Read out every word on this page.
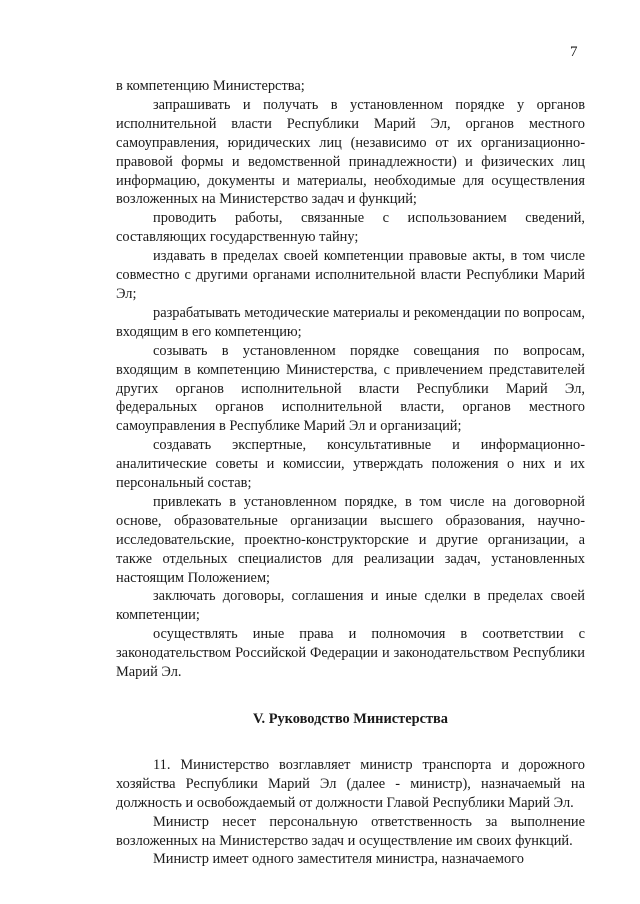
7

в компетенцию Министерства;

запрашивать и получать в установленном порядке у органов исполнительной власти Республики Марий Эл, органов местного самоуправления, юридических лиц (независимо от их организационно-правовой формы и ведомственной принадлежности) и физических лиц информацию, документы и материалы, необходимые для осуществления возложенных на Министерство задач и функций;

проводить работы, связанные с использованием сведений, составляющих государственную тайну;

издавать в пределах своей компетенции правовые акты, в том числе совместно с другими органами исполнительной власти Республики Марий Эл;

разрабатывать методические материалы и рекомендации по вопросам, входящим в его компетенцию;

созывать в установленном порядке совещания по вопросам, входящим в компетенцию Министерства, с привлечением представителей других органов исполнительной власти Республики Марий Эл, федеральных органов исполнительной власти, органов местного самоуправления в Республике Марий Эл и организаций;

создавать экспертные, консультативные и информационно-аналитические советы и комиссии, утверждать положения о них и их персональный состав;

привлекать в установленном порядке, в том числе на договорной основе, образовательные организации высшего образования, научно-исследовательские, проектно-конструкторские и другие организации, а также отдельных специалистов для реализации задач, установленных настоящим Положением;

заключать договоры, соглашения и иные сделки в пределах своей компетенции;

осуществлять иные права и полномочия в соответствии с законодательством Российской Федерации и законодательством Республики Марий Эл.

V. Руководство Министерства

11. Министерство возглавляет министр транспорта и дорожного хозяйства Республики Марий Эл (далее - министр), назначаемый на должность и освобождаемый от должности Главой Республики Марий Эл.

Министр несет персональную ответственность за выполнение возложенных на Министерство задач и осуществление им своих функций.

Министр имеет одного заместителя министра, назначаемого
